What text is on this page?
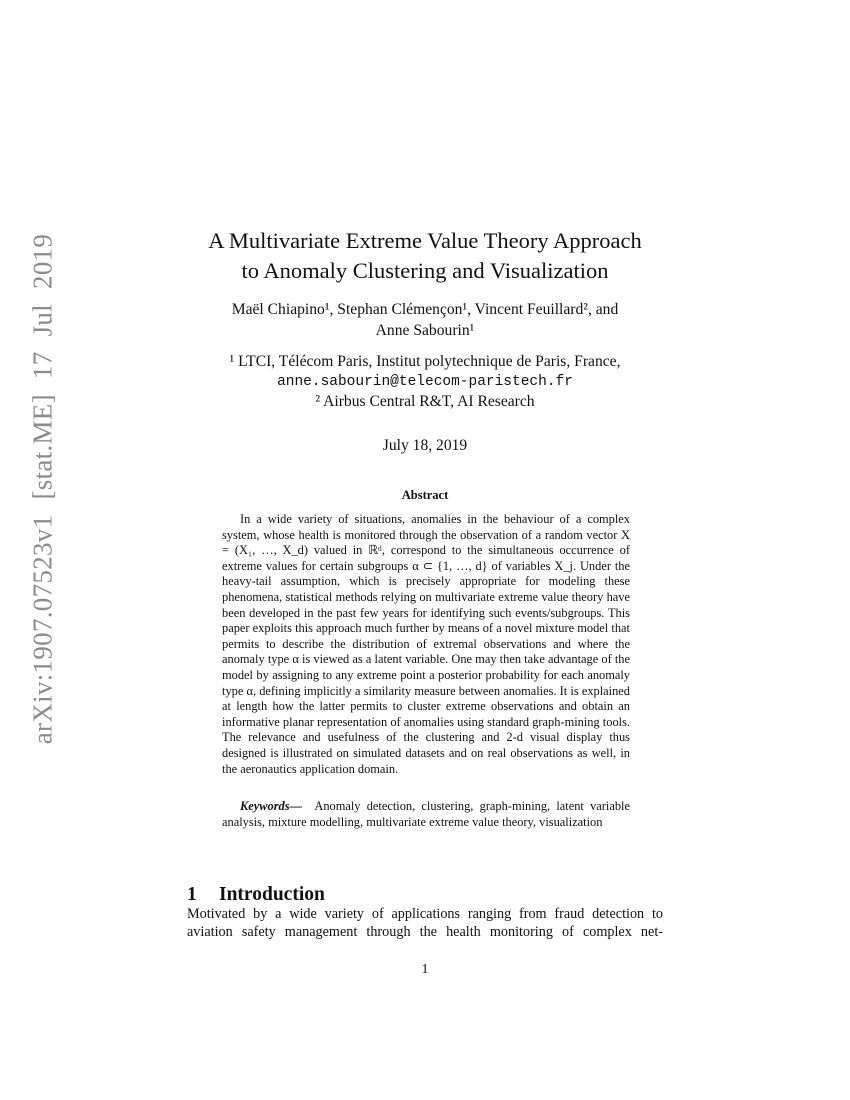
arXiv:1907.07523v1 [stat.ME] 17 Jul 2019	A Multivariate Extreme Value Theory Approach
to Anomaly Clustering and Visualization
Maël Chiapino¹, Stephan Clémençon¹, Vincent Feuillard², and
Anne Sabourin¹
¹ LTCI, Télécom Paris, Institut polytechnique de Paris, France,
anne.sabourin@telecom-paristech.fr
² Airbus Central R&T, AI Research
July 18, 2019
Abstract

In a wide variety of situations, anomalies in the behaviour of a complex system, whose health is monitored through the observation of a random vector X = (X₁, …, X_d) valued in ℝᵈ, correspond to the simultaneous occurrence of extreme values for certain subgroups α ⊂ {1, …, d} of variables X_j. Under the heavy-tail assumption, which is precisely appropriate for modeling these phenomena, statistical methods relying on multivariate extreme value theory have been developed in the past few years for identifying such events/subgroups. This paper exploits this approach much further by means of a novel mixture model that permits to describe the distribution of extremal observations and where the anomaly type α is viewed as a latent variable. One may then take advantage of the model by assigning to any extreme point a posterior probability for each anomaly type α, defining implicitly a similarity measure between anomalies. It is explained at length how the latter permits to cluster extreme observations and obtain an informative planar representation of anomalies using standard graph-mining tools. The relevance and usefulness of the clustering and 2-d visual display thus designed is illustrated on simulated datasets and on real observations as well, in the aeronautics application domain.

Keywords— Anomaly detection, clustering, graph-mining, latent variable analysis, mixture modelling, multivariate extreme value theory, visualization
1 Introduction
Motivated by a wide variety of applications ranging from fraud detection to
aviation safety management through the health monitoring of complex net-
1
